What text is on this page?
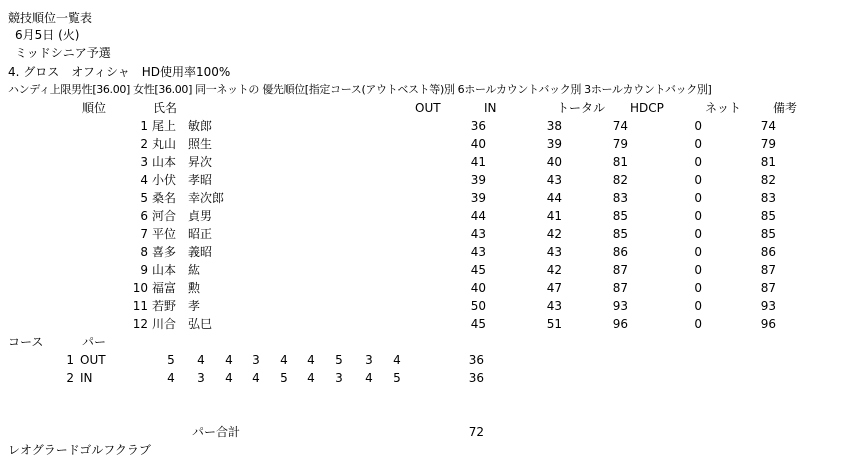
競技順位一覧表
6月5日 (火)
ミッドシニア予選
4. グロス　オフィシャ　HD使用率100%
ハンディ上限男性[36.00] 女性[36.00] 同一ネットの 優先順位[指定コース(アウトベスト等)別 6ホールカウントバック別 3ホールカウントバック別]
順位	氏名	OUT	IN	トータル HDCP	ネット	備考
1 尾上　敏郎	36	38	74	0	74
2 丸山　照生	40	39	79	0	79
3 山本　昇次	41	40	81	0	81
4 小伏　孝昭	39	43	82	0	82
5 桑名　幸次郎	39	44	83	0	83
6 河合　貞男	44	41	85	0	85
7 平位　昭正	43	42	85	0	85
8 喜多　義昭	43	43	86	0	86
9 山本　紘	45	42	87	0	87
10 福富　勲	40	47	87	0	87
11 若野　孝	50	43	93	0	93
12 川合　弘巳	45	51	96	0	96
コース	パー
1 OUT	5 4 4 3 4 4 5 3 4	36
2 IN	4 3 4 4 5 4 3 4 5	36
パー合計	72
レオグラードゴルフクラブ
